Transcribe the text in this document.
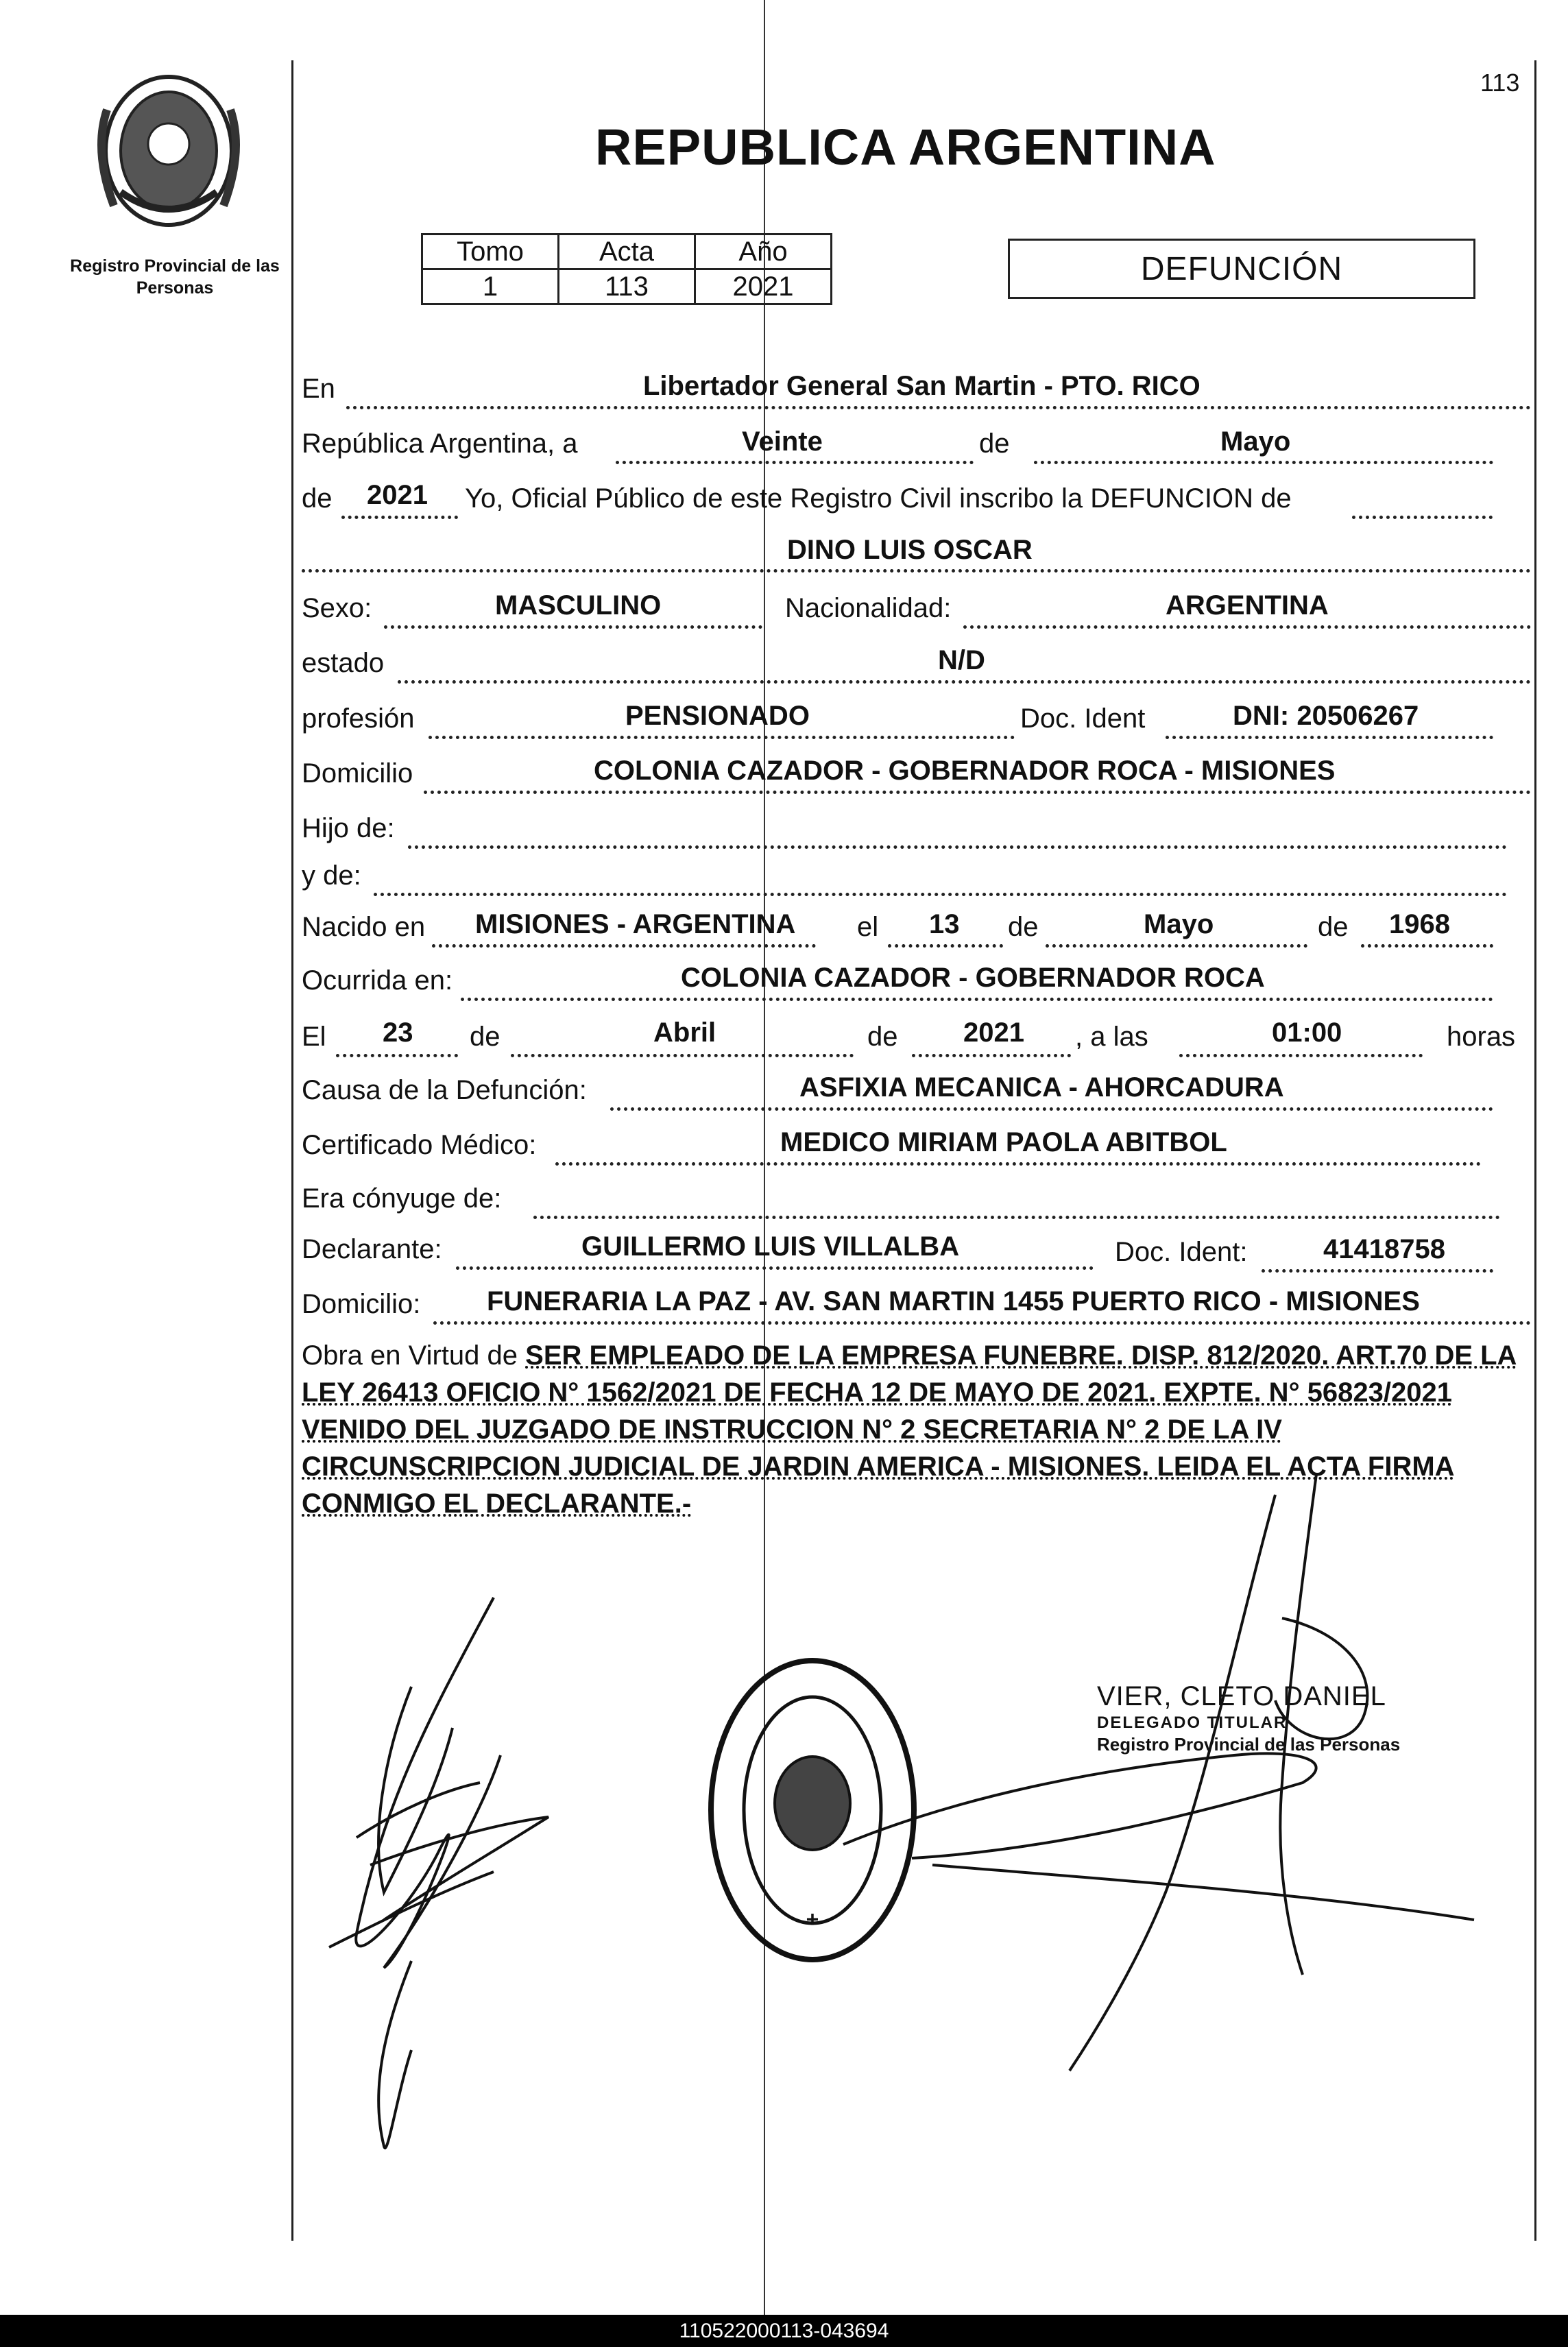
Registro Provincial de las Personas
113
REPUBLICA ARGENTINA
Tomo	Acta	Año
1	113	2021	DEFUNCIÓN
En	Libertador General San Martin - PTO. RICO
República Argentina, a	Veinte	de	Mayo
de 2021 Yo, Oficial Público de este Registro Civil inscribo la DEFUNCION de
DINO LUIS OSCAR
Sexo:	MASCULINO	Nacionalidad:	ARGENTINA
estado	N/D
profesión	PENSIONADO	Doc. Ident	DNI: 20506267
Domicilio	COLONIA CAZADOR - GOBERNADOR ROCA - MISIONES
Hijo de:
y de:
Nacido en MISIONES - ARGENTINA el 13 de	Mayo	de 1968
Ocurrida en:	COLONIA CAZADOR - GOBERNADOR ROCA
El 23 de	Abril	de 2021 , a las	01:00	horas
Causa de la Defunción:	ASFIXIA MECANICA - AHORCADURA
Certificado Médico:	MEDICO MIRIAM PAOLA ABITBOL
Era cónyuge de:
Declarante:	GUILLERMO LUIS VILLALBA	Doc. Ident:	41418758
Domicilio: FUNERARIA LA PAZ - AV. SAN MARTIN 1455 PUERTO RICO - MISIONES
Obra en Virtud de SER EMPLEADO DE LA EMPRESA FUNEBRE. DISP. 812/2020. ART.70 DE LA LEY 26413 OFICIO N° 1562/2021 DE FECHA 12 DE MAYO DE 2021. EXPTE. N° 56823/2021 VENIDO DEL JUZGADO DE INSTRUCCION N° 2 SECRETARIA N° 2 DE LA IV CIRCUNSCRIPCION JUDICIAL DE JARDIN AMERICA - MISIONES. LEIDA EL ACTA FIRMA CONMIGO EL DECLARANTE.-
+
VIER, CLETO DANIEL
DELEGADO TITULAR
Registro Provincial de las Personas
110522000113-043694
